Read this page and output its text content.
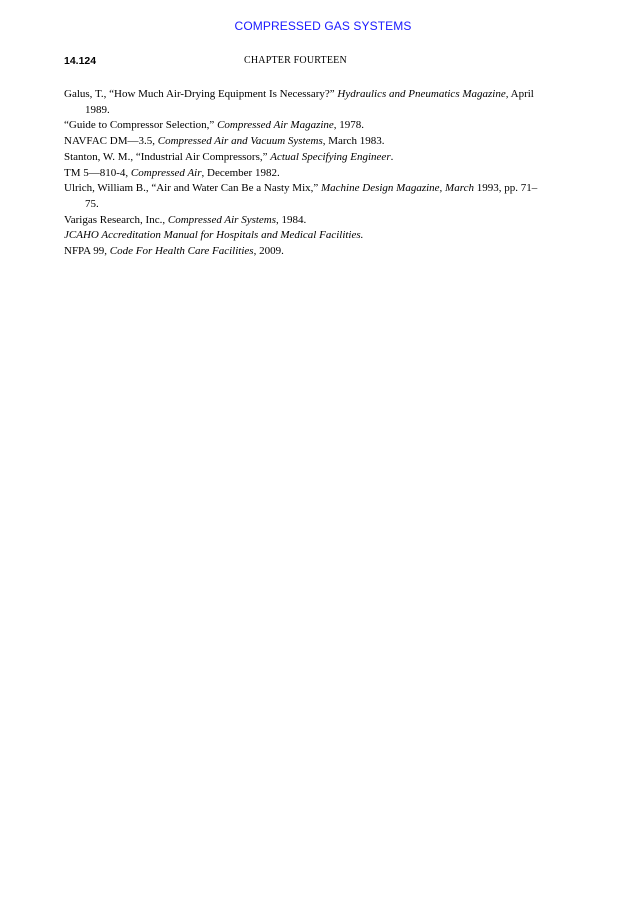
COMPRESSED GAS SYSTEMS
14.124	CHAPTER FOURTEEN
Galus, T., “How Much Air-Drying Equipment Is Necessary?” Hydraulics and Pneumatics Magazine, April 1989.
“Guide to Compressor Selection,” Compressed Air Magazine, 1978.
NAVFAC DM—3.5, Compressed Air and Vacuum Systems, March 1983.
Stanton, W. M., “Industrial Air Compressors,” Actual Specifying Engineer.
TM 5—810-4, Compressed Air, December 1982.
Ulrich, William B., “Air and Water Can Be a Nasty Mix,” Machine Design Magazine, March 1993, pp. 71–75.
Varigas Research, Inc., Compressed Air Systems, 1984.
JCAHO Accreditation Manual for Hospitals and Medical Facilities.
NFPA 99, Code For Health Care Facilities, 2009.
